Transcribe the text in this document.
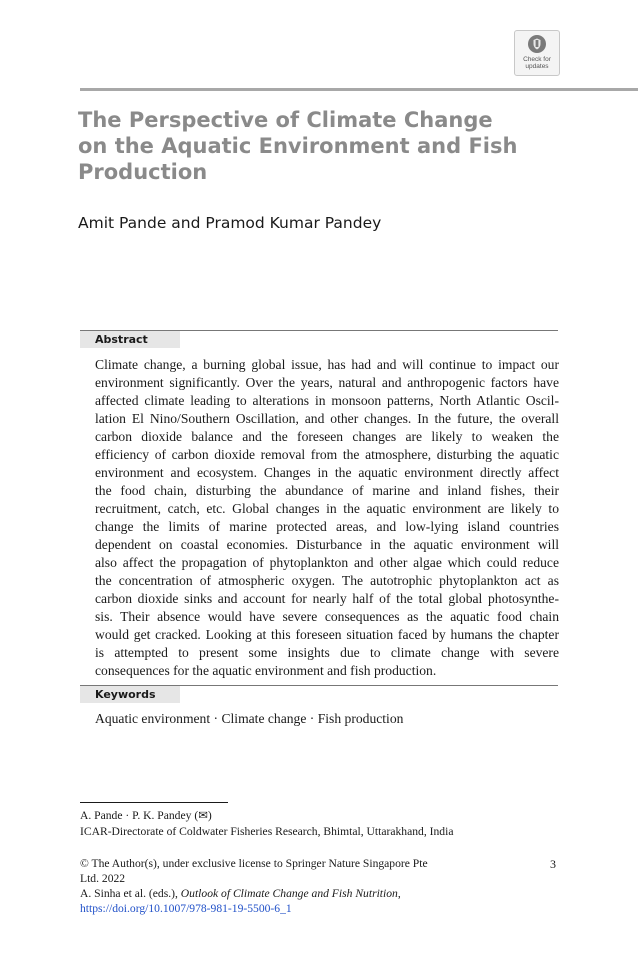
Check for
updates
The Perspective of Climate Change
on the Aquatic Environment and Fish
Production
Amit Pande and Pramod Kumar Pandey
Abstract
Climate change, a burning global issue, has had and will continue to impact our
environment significantly. Over the years, natural and anthropogenic factors have
affected climate leading to alterations in monsoon patterns, North Atlantic Oscil-
lation El Nino/Southern Oscillation, and other changes. In the future, the overall
carbon dioxide balance and the foreseen changes are likely to weaken the
efficiency of carbon dioxide removal from the atmosphere, disturbing the aquatic
environment and ecosystem. Changes in the aquatic environment directly affect
the food chain, disturbing the abundance of marine and inland fishes, their
recruitment, catch, etc. Global changes in the aquatic environment are likely to
change the limits of marine protected areas, and low-lying island countries
dependent on coastal economies. Disturbance in the aquatic environment will
also affect the propagation of phytoplankton and other algae which could reduce
the concentration of atmospheric oxygen. The autotrophic phytoplankton act as
carbon dioxide sinks and account for nearly half of the total global photosynthe-
sis. Their absence would have severe consequences as the aquatic food chain
would get cracked. Looking at this foreseen situation faced by humans the chapter
is attempted to present some insights due to climate change with severe
consequences for the aquatic environment and fish production.
Keywords
Aquatic environment · Climate change · Fish production
A. Pande · P. K. Pandey (✉)
ICAR-Directorate of Coldwater Fisheries Research, Bhimtal, Uttarakhand, India
© The Author(s), under exclusive license to Springer Nature Singapore Pte
Ltd. 2022
A. Sinha et al. (eds.), Outlook of Climate Change and Fish Nutrition,
https://doi.org/10.1007/978-981-19-5500-6_1
3
